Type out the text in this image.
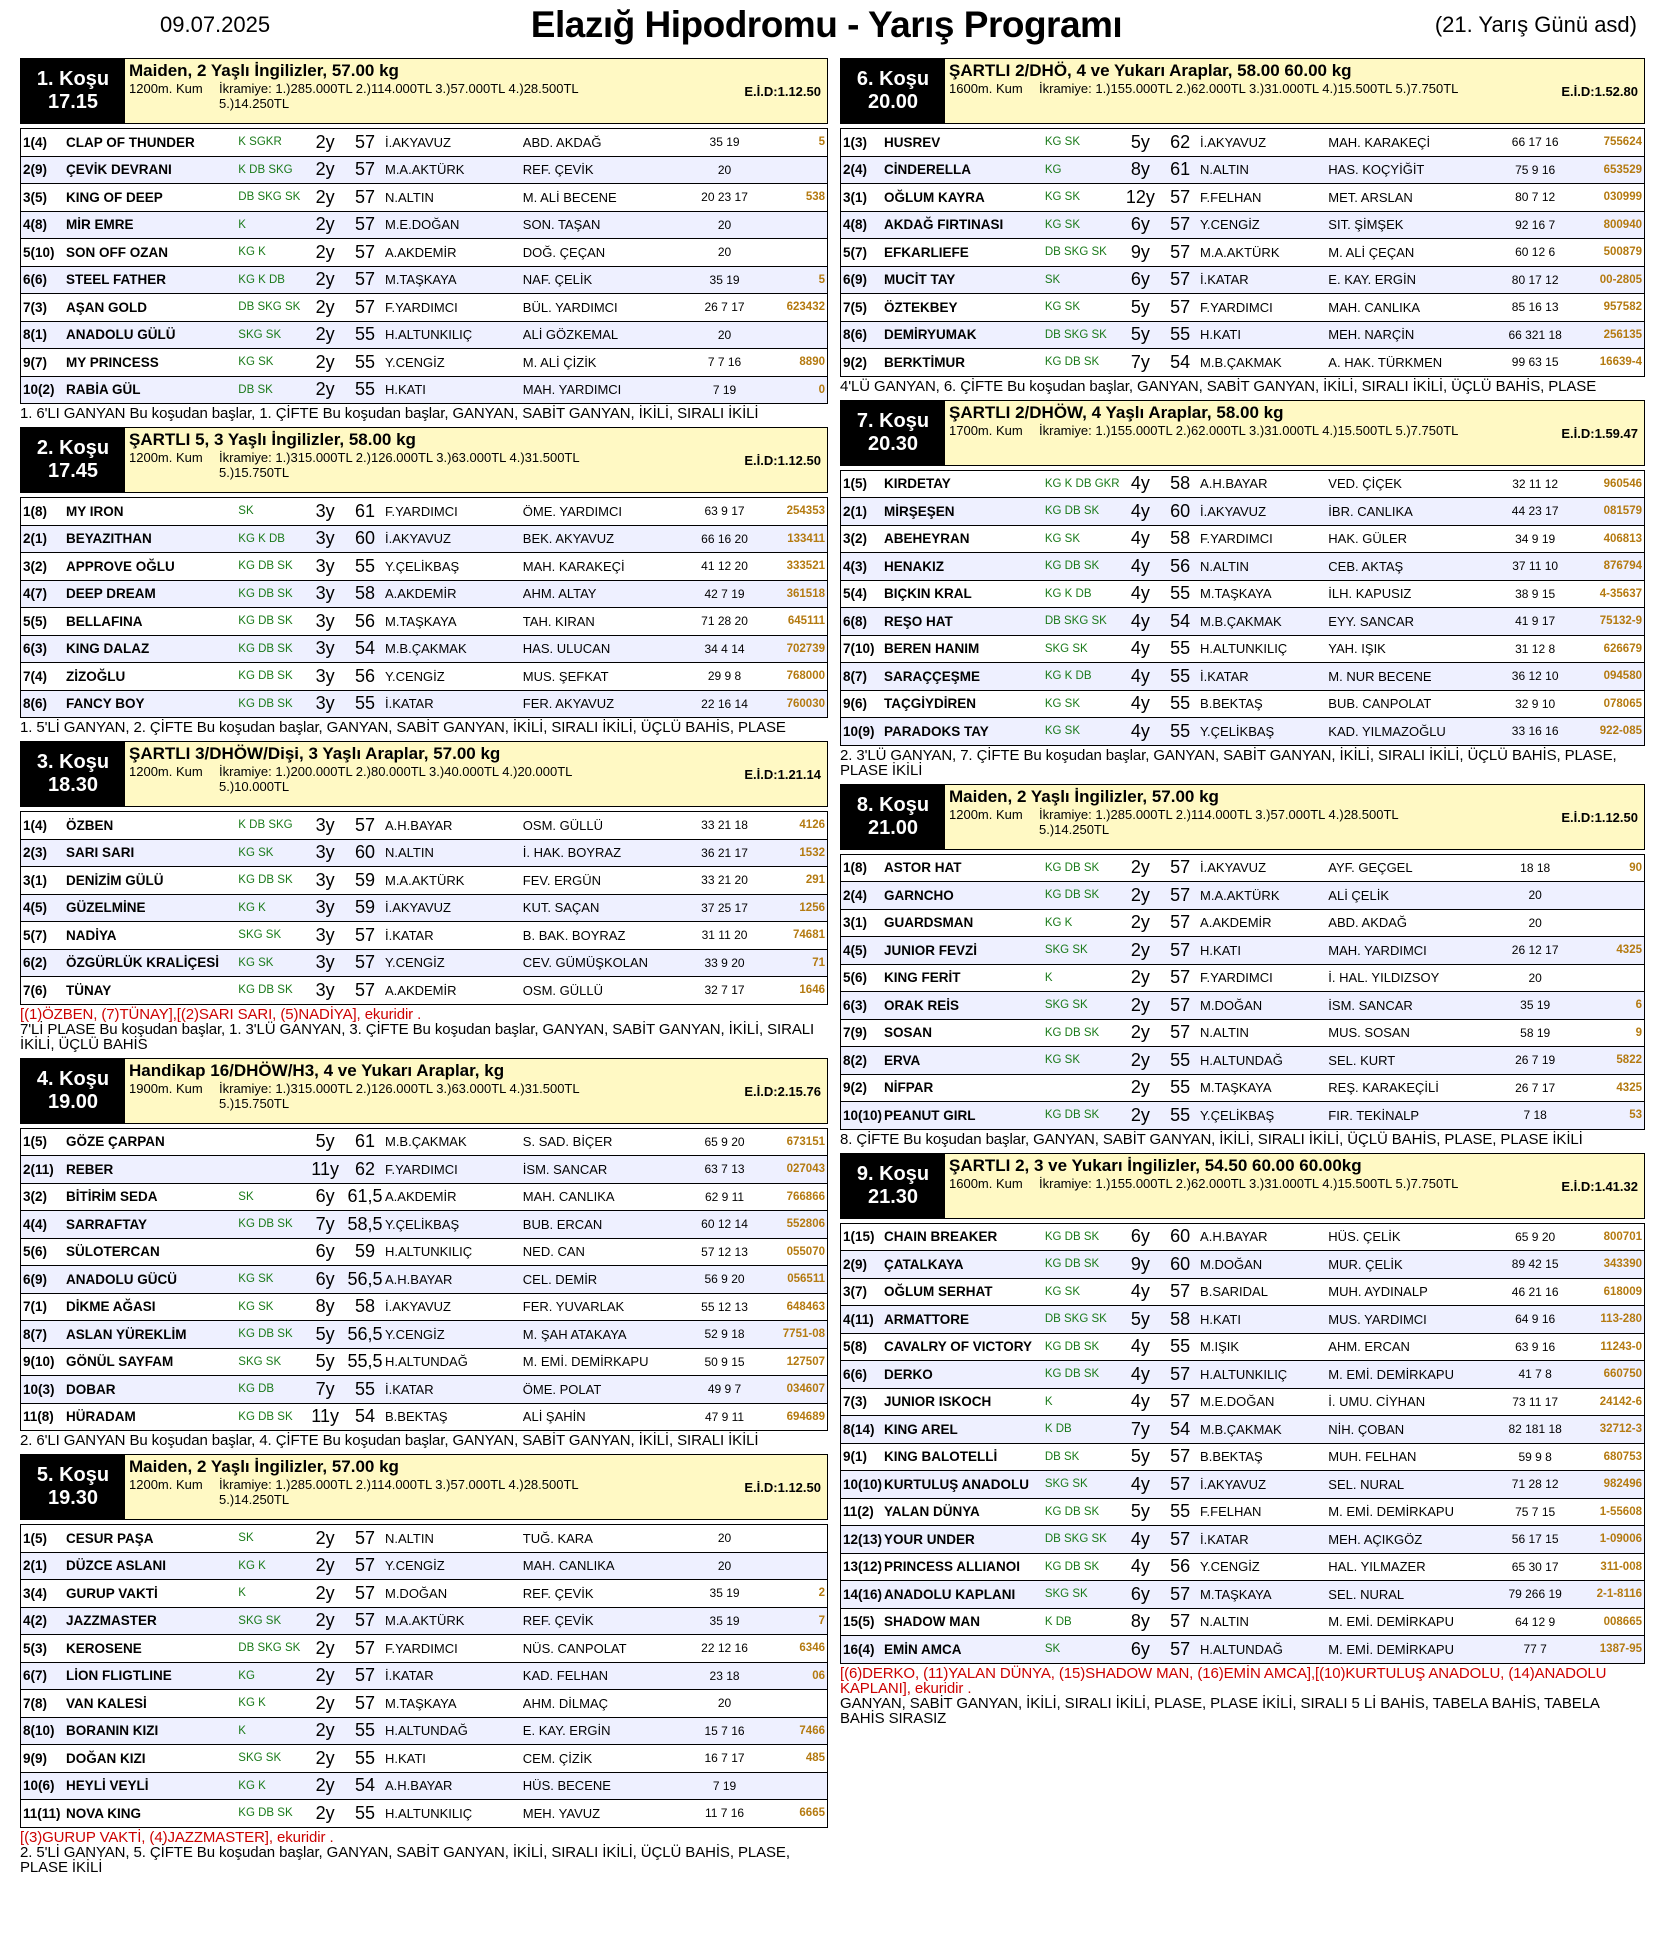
09.07.2025	Elazığ Hipodromu - Yarış Programı	(21. Yarış Günü asd)
1. Koşu
17.15
Maiden, 2 Yaşlı İngilizler, 57.00 kg
1200m. Kum	İkramiye: 1.)285.000TL 2.)114.000TL 3.)57.000TL 4.)28.500TL
5.)14.250TL
E.İ.D:1.12.50
1(4)	CLAP OF THUNDER	K SGKR	2y	57	İ.AKYAVUZ	ABD. AKDAĞ	35 19	5
2(9)	ÇEVİK DEVRANI	K DB SKG	2y	57	M.A.AKTÜRK	REF. ÇEVİK	20	
3(5)	KING OF DEEP	DB SKG SK	2y	57	N.ALTIN	M. ALİ BECENE	20 23 17	538
4(8)	MİR EMRE	K	2y	57	M.E.DOĞAN	SON. TAŞAN	20	
5(10)	SON OFF OZAN	KG K	2y	57	A.AKDEMİR	DOĞ. ÇEÇAN	20	
6(6)	STEEL FATHER	KG K DB	2y	57	M.TAŞKAYA	NAF. ÇELİK	35 19	5
7(3)	AŞAN GOLD	DB SKG SK	2y	57	F.YARDIMCI	BÜL. YARDIMCI	26 7 17	623432
8(1)	ANADOLU GÜLÜ	SKG SK	2y	55	H.ALTUNKILIÇ	ALİ GÖZKEMAL	20	
9(7)	MY PRINCESS	KG SK	2y	55	Y.CENGİZ	M. ALİ ÇİZİK	7 7 16	8890
10(2)	RABİA GÜL	DB SK	2y	55	H.KATI	MAH. YARDIMCI	7 19	0
1. 6'LI GANYAN Bu koşudan başlar, 1. ÇİFTE Bu koşudan başlar, GANYAN, SABİT GANYAN, İKİLİ, SIRALI İKİLİ
2. Koşu
17.45
ŞARTLI 5, 3 Yaşlı İngilizler, 58.00 kg
1200m. Kum	İkramiye: 1.)315.000TL 2.)126.000TL 3.)63.000TL 4.)31.500TL
5.)15.750TL
E.İ.D:1.12.50
1(8)	MY IRON	SK	3y	61	F.YARDIMCI	ÖME. YARDIMCI	63 9 17	254353
2(1)	BEYAZITHAN	KG K DB	3y	60	İ.AKYAVUZ	BEK. AKYAVUZ	66 16 20	133411
3(2)	APPROVE OĞLU	KG DB SK	3y	55	Y.ÇELİKBAŞ	MAH. KARAKEÇİ	41 12 20	333521
4(7)	DEEP DREAM	KG DB SK	3y	58	A.AKDEMİR	AHM. ALTAY	42 7 19	361518
5(5)	BELLAFINA	KG DB SK	3y	56	M.TAŞKAYA	TAH. KIRAN	71 28 20	645111
6(3)	KING DALAZ	KG DB SK	3y	54	M.B.ÇAKMAK	HAS. ULUCAN	34 4 14	702739
7(4)	ZİZOĞLU	KG DB SK	3y	56	Y.CENGİZ	MUS. ŞEFKAT	29 9 8	768000
8(6)	FANCY BOY	KG DB SK	3y	55	İ.KATAR	FER. AKYAVUZ	22 16 14	760030
1. 5'Lİ GANYAN, 2. ÇİFTE Bu koşudan başlar, GANYAN, SABİT GANYAN, İKİLİ, SIRALI İKİLİ, ÜÇLÜ BAHİS, PLASE
3. Koşu
18.30
ŞARTLI 3/DHÖW/Dişi, 3 Yaşlı Araplar, 57.00 kg
1200m. Kum	İkramiye: 1.)200.000TL 2.)80.000TL 3.)40.000TL 4.)20.000TL
5.)10.000TL
E.İ.D:1.21.14
1(4)	ÖZBEN	K DB SKG	3y	57	A.H.BAYAR	OSM. GÜLLÜ	33 21 18	4126
2(3)	SARI SARI	KG SK	3y	60	N.ALTIN	İ. HAK. BOYRAZ	36 21 17	1532
3(1)	DENİZİM GÜLÜ	KG DB SK	3y	59	M.A.AKTÜRK	FEV. ERGÜN	33 21 20	291
4(5)	GÜZELMİNE	KG K	3y	59	İ.AKYAVUZ	KUT. SAÇAN	37 25 17	1256
5(7)	NADİYA	SKG SK	3y	57	İ.KATAR	B. BAK. BOYRAZ	31 11 20	74681
6(2)	ÖZGÜRLÜK KRALİÇESİ	KG SK	3y	57	Y.CENGİZ	CEV. GÜMÜŞKOLAN	33 9 20	71
7(6)	TÜNAY	KG DB SK	3y	57	A.AKDEMİR	OSM. GÜLLÜ	32 7 17	1646
[(1)ÖZBEN, (7)TÜNAY],[(2)SARI SARI, (5)NADİYA], ekuridir .
7'Lİ PLASE Bu koşudan başlar, 1. 3'LÜ GANYAN, 3. ÇİFTE Bu koşudan başlar, GANYAN, SABİT GANYAN, İKİLİ, SIRALI İKİLİ, ÜÇLÜ BAHİS
4. Koşu
19.00
Handikap 16/DHÖW/H3, 4 ve Yukarı Araplar, kg
1900m. Kum	İkramiye: 1.)315.000TL 2.)126.000TL 3.)63.000TL 4.)31.500TL
5.)15.750TL
E.İ.D:2.15.76
1(5)	GÖZE ÇARPAN		5y	61	M.B.ÇAKMAK	S. SAD. BİÇER	65 9 20	673151
2(11)	REBER		11y	62	F.YARDIMCI	İSM. SANCAR	63 7 13	027043
3(2)	BİTİRİM SEDA	SK	6y	61,5	A.AKDEMİR	MAH. CANLIKA	62 9 11	766866
4(4)	SARRAFTAY	KG DB SK	7y	58,5	Y.ÇELİKBAŞ	BUB. ERCAN	60 12 14	552806
5(6)	SÜLOTERCAN		6y	59	H.ALTUNKILIÇ	NED. CAN	57 12 13	055070
6(9)	ANADOLU GÜCÜ	KG SK	6y	56,5	A.H.BAYAR	CEL. DEMİR	56 9 20	056511
7(1)	DİKME AĞASI	KG SK	8y	58	İ.AKYAVUZ	FER. YUVARLAK	55 12 13	648463
8(7)	ASLAN YÜREKLİM	KG DB SK	5y	56,5	Y.CENGİZ	M. ŞAH ATAKAYA	52 9 18	7751-08
9(10)	GÖNÜL SAYFAM	SKG SK	5y	55,5	H.ALTUNDAĞ	M. EMİ. DEMİRKAPU	50 9 15	127507
10(3)	DOBAR	KG DB	7y	55	İ.KATAR	ÖME. POLAT	49 9 7	034607
11(8)	HÜRADAM	KG DB SK	11y	54	B.BEKTAŞ	ALİ ŞAHİN	47 9 11	694689
2. 6'LI GANYAN Bu koşudan başlar, 4. ÇİFTE Bu koşudan başlar, GANYAN, SABİT GANYAN, İKİLİ, SIRALI İKİLİ
5. Koşu
19.30
Maiden, 2 Yaşlı İngilizler, 57.00 kg
1200m. Kum	İkramiye: 1.)285.000TL 2.)114.000TL 3.)57.000TL 4.)28.500TL
5.)14.250TL
E.İ.D:1.12.50
1(5)	CESUR PAŞA	SK	2y	57	N.ALTIN	TUĞ. KARA	20	
2(1)	DÜZCE ASLANI	KG K	2y	57	Y.CENGİZ	MAH. CANLIKA	20	
3(4)	GURUP VAKTİ	K	2y	57	M.DOĞAN	REF. ÇEVİK	35 19	2
4(2)	JAZZMASTER	SKG SK	2y	57	M.A.AKTÜRK	REF. ÇEVİK	35 19	7
5(3)	KEROSENE	DB SKG SK	2y	57	F.YARDIMCI	NÜS. CANPOLAT	22 12 16	6346
6(7)	LİON FLIGTLINE	KG	2y	57	İ.KATAR	KAD. FELHAN	23 18	06
7(8)	VAN KALESİ	KG K	2y	57	M.TAŞKAYA	AHM. DİLMAÇ	20	
8(10)	BORANIN KIZI	K	2y	55	H.ALTUNDAĞ	E. KAY. ERGİN	15 7 16	7466
9(9)	DOĞAN KIZI	SKG SK	2y	55	H.KATI	CEM. ÇİZİK	16 7 17	485
10(6)	HEYLİ VEYLİ	KG K	2y	54	A.H.BAYAR	HÜS. BECENE	7 19	
11(11)	NOVA KING	KG DB SK	2y	55	H.ALTUNKILIÇ	MEH. YAVUZ	11 7 16	6665
[(3)GURUP VAKTİ, (4)JAZZMASTER], ekuridir .
2. 5'Lİ GANYAN, 5. ÇİFTE Bu koşudan başlar, GANYAN, SABİT GANYAN, İKİLİ, SIRALI İKİLİ, ÜÇLÜ BAHİS, PLASE, PLASE İKİLİ
6. Koşu
20.00
ŞARTLI 2/DHÖ, 4 ve Yukarı Araplar, 58.00 60.00 kg
1600m. Kum	İkramiye: 1.)155.000TL 2.)62.000TL 3.)31.000TL 4.)15.500TL 5.)7.750TL	E.İ.D:1.52.80
1(3)	HUSREV	KG SK	5y	62	İ.AKYAVUZ	MAH. KARAKEÇİ	66 17 16	755624
2(4)	CİNDERELLA	KG	8y	61	N.ALTIN	HAS. KOÇYİĞİT	75 9 16	653529
3(1)	OĞLUM KAYRA	KG SK	12y	57	F.FELHAN	MET. ARSLAN	80 7 12	030999
4(8)	AKDAĞ FIRTINASI	KG SK	6y	57	Y.CENGİZ	SIT. ŞİMŞEK	92 16 7	800940
5(7)	EFKARLIEFE	DB SKG SK	9y	57	M.A.AKTÜRK	M. ALİ ÇEÇAN	60 12 6	500879
6(9)	MUCİT TAY	SK	6y	57	İ.KATAR	E. KAY. ERGİN	80 17 12	00-2805
7(5)	ÖZTEKBEY	KG SK	5y	57	F.YARDIMCI	MAH. CANLIKA	85 16 13	957582
8(6)	DEMİRYUMAK	DB SKG SK	5y	55	H.KATI	MEH. NARÇİN	66 321 18	256135
9(2)	BERKTİMUR	KG DB SK	7y	54	M.B.ÇAKMAK	A. HAK. TÜRKMEN	99 63 15	16639-4
4'LÜ GANYAN, 6. ÇİFTE Bu koşudan başlar, GANYAN, SABİT GANYAN, İKİLİ, SIRALI İKİLİ, ÜÇLÜ BAHİS, PLASE
7. Koşu
20.30
ŞARTLI 2/DHÖW, 4 Yaşlı Araplar, 58.00 kg
1700m. Kum	İkramiye: 1.)155.000TL 2.)62.000TL 3.)31.000TL 4.)15.500TL 5.)7.750TL	E.İ.D:1.59.47
1(5)	KIRDETAY	KG K DB GKR	4y	58	A.H.BAYAR	VED. ÇİÇEK	32 11 12	960546
2(1)	MİRŞEŞEN	KG DB SK	4y	60	İ.AKYAVUZ	İBR. CANLIKA	44 23 17	081579
3(2)	ABEHEYRAN	KG SK	4y	58	F.YARDIMCI	HAK. GÜLER	34 9 19	406813
4(3)	HENAKIZ	KG DB SK	4y	56	N.ALTIN	CEB. AKTAŞ	37 11 10	876794
5(4)	BIÇKIN KRAL	KG K DB	4y	55	M.TAŞKAYA	İLH. KAPUSIZ	38 9 15	4-35637
6(8)	REŞO HAT	DB SKG SK	4y	54	M.B.ÇAKMAK	EYY. SANCAR	41 9 17	75132-9
7(10)	BEREN HANIM	SKG SK	4y	55	H.ALTUNKILIÇ	YAH. IŞIK	31 12 8	626679
8(7)	SARAÇÇEŞME	KG K DB	4y	55	İ.KATAR	M. NUR BECENE	36 12 10	094580
9(6)	TAÇGİYDİREN	KG SK	4y	55	B.BEKTAŞ	BUB. CANPOLAT	32 9 10	078065
10(9)	PARADOKS TAY	KG SK	4y	55	Y.ÇELİKBAŞ	KAD. YILMAZOĞLU	33 16 16	922-085
2. 3'LÜ GANYAN, 7. ÇİFTE Bu koşudan başlar, GANYAN, SABİT GANYAN, İKİLİ, SIRALI İKİLİ, ÜÇLÜ BAHİS, PLASE, PLASE İKİLİ
8. Koşu
21.00
Maiden, 2 Yaşlı İngilizler, 57.00 kg
1200m. Kum	İkramiye: 1.)285.000TL 2.)114.000TL 3.)57.000TL 4.)28.500TL
5.)14.250TL
E.İ.D:1.12.50
1(8)	ASTOR HAT	KG DB SK	2y	57	İ.AKYAVUZ	AYF. GEÇGEL	18 18	90
2(4)	GARNCHO	KG DB SK	2y	57	M.A.AKTÜRK	ALİ ÇELİK	20	
3(1)	GUARDSMAN	KG K	2y	57	A.AKDEMİR	ABD. AKDAĞ	20	
4(5)	JUNIOR FEVZİ	SKG SK	2y	57	H.KATI	MAH. YARDIMCI	26 12 17	4325
5(6)	KING FERİT	K	2y	57	F.YARDIMCI	İ. HAL. YILDIZSOY	20	
6(3)	ORAK REİS	SKG SK	2y	57	M.DOĞAN	İSM. SANCAR	35 19	6
7(9)	SOSAN	KG DB SK	2y	57	N.ALTIN	MUS. SOSAN	58 19	9
8(2)	ERVA	KG SK	2y	55	H.ALTUNDAĞ	SEL. KURT	26 7 19	5822
9(2)	NİFPAR		2y	55	M.TAŞKAYA	REŞ. KARAKEÇİLİ	26 7 17	4325
10(10)	PEANUT GIRL	KG DB SK	2y	55	Y.ÇELİKBAŞ	FIR. TEKİNALP	7 18	53
8. ÇİFTE Bu koşudan başlar, GANYAN, SABİT GANYAN, İKİLİ, SIRALI İKİLİ, ÜÇLÜ BAHİS, PLASE, PLASE İKİLİ
9. Koşu
21.30
ŞARTLI 2, 3 ve Yukarı İngilizler, 54.50 60.00 60.00kg
1600m. Kum	İkramiye: 1.)155.000TL 2.)62.000TL 3.)31.000TL 4.)15.500TL 5.)7.750TL	E.İ.D:1.41.32
1(15)	CHAIN BREAKER	KG DB SK	6y	60	A.H.BAYAR	HÜS. ÇELİK	65 9 20	800701
2(9)	ÇATALKAYA	KG DB SK	9y	60	M.DOĞAN	MUR. ÇELİK	89 42 15	343390
3(7)	OĞLUM SERHAT	KG SK	4y	57	B.SARIDAL	MUH. AYDINALP	46 21 16	618009
4(11)	ARMATTORE	DB SKG SK	5y	58	H.KATI	MUS. YARDIMCI	64 9 16	113-280
5(8)	CAVALRY OF VICTORY	KG DB SK	4y	55	M.IŞIK	AHM. ERCAN	63 9 16	11243-0
6(6)	DERKO	KG DB SK	4y	57	H.ALTUNKILIÇ	M. EMİ. DEMİRKAPU	41 7 8	660750
7(3)	JUNIOR ISKOCH	K	4y	57	M.E.DOĞAN	İ. UMU. CİYHAN	73 11 17	24142-6
8(14)	KING AREL	K DB	7y	54	M.B.ÇAKMAK	NİH. ÇOBAN	82 181 18	32712-3
9(1)	KING BALOTELLİ	DB SK	5y	57	B.BEKTAŞ	MUH. FELHAN	59 9 8	680753
10(10)	KURTULUŞ ANADOLU	SKG SK	4y	57	İ.AKYAVUZ	SEL. NURAL	71 28 12	982496
11(2)	YALAN DÜNYA	KG DB SK	5y	55	F.FELHAN	M. EMİ. DEMİRKAPU	75 7 15	1-55608
12(13)	YOUR UNDER	DB SKG SK	4y	57	İ.KATAR	MEH. AÇIKGÖZ	56 17 15	1-09006
13(12)	PRINCESS ALLIANOI	KG DB SK	4y	56	Y.CENGİZ	HAL. YILMAZER	65 30 17	311-008
14(16)	ANADOLU KAPLANI	SKG SK	6y	57	M.TAŞKAYA	SEL. NURAL	79 266 19	2-1-8116
15(5)	SHADOW MAN	K DB	8y	57	N.ALTIN	M. EMİ. DEMİRKAPU	64 12 9	008665
16(4)	EMİN AMCA	SK	6y	57	H.ALTUNDAĞ	M. EMİ. DEMİRKAPU	77 7	1387-95
[(6)DERKO, (11)YALAN DÜNYA, (15)SHADOW MAN, (16)EMİN AMCA],[(10)KURTULUŞ ANADOLU, (14)ANADOLU KAPLANI], ekuridir .
GANYAN, SABİT GANYAN, İKİLİ, SIRALI İKİLİ, PLASE, PLASE İKİLİ, SIRALI 5 Lİ BAHİS, TABELA BAHİS, TABELA BAHİS SIRASIZ
